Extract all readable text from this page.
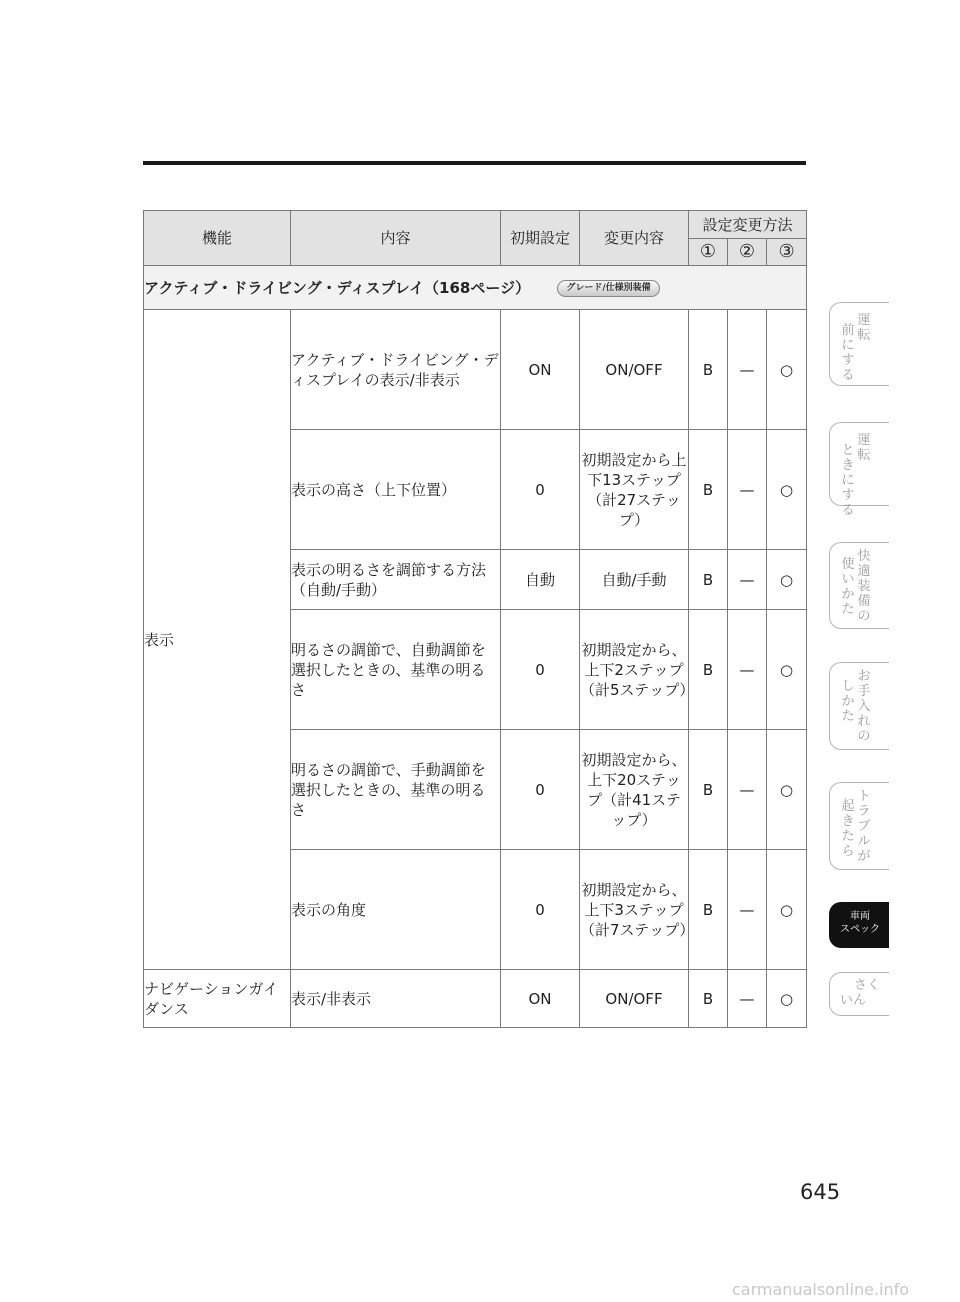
機能	内容	初期設定	変更内容	設定変更方法		
				①	②	③
アクティブ・ドライビング・ディスプレイ（168ページ） グレード/仕様別装備						
表示	アクティブ・ドライビング・ディスプレイの表示/非表示	ON	ON/OFF	B	—	○
	表示の高さ（上下位置）	0	初期設定から上下13ステップ（計27ステップ）	B	—	○
	表示の明るさを調節する方法（自動/手動）	自動	自動/手動	B	—	○
	明るさの調節で、自動調節を選択したときの、基準の明るさ	0	初期設定から、上下2ステップ（計5ステップ）	B	—	○
	明るさの調節で、手動調節を選択したときの、基準の明るさ	0	初期設定から、上下20ステップ（計41ステップ）	B	—	○
	表示の角度	0	初期設定から、上下3ステップ（計7ステップ）	B	—	○
ナビゲーションガイダンス	表示/非表示	ON	ON/OFF	B	—	○
運転
前にする
運転
ときにする
快適装備の
使いかた
お手入れの
しかた
トラブルが
起きたら
車両
スペック
さく
いん
645
carmanualsonline.info
